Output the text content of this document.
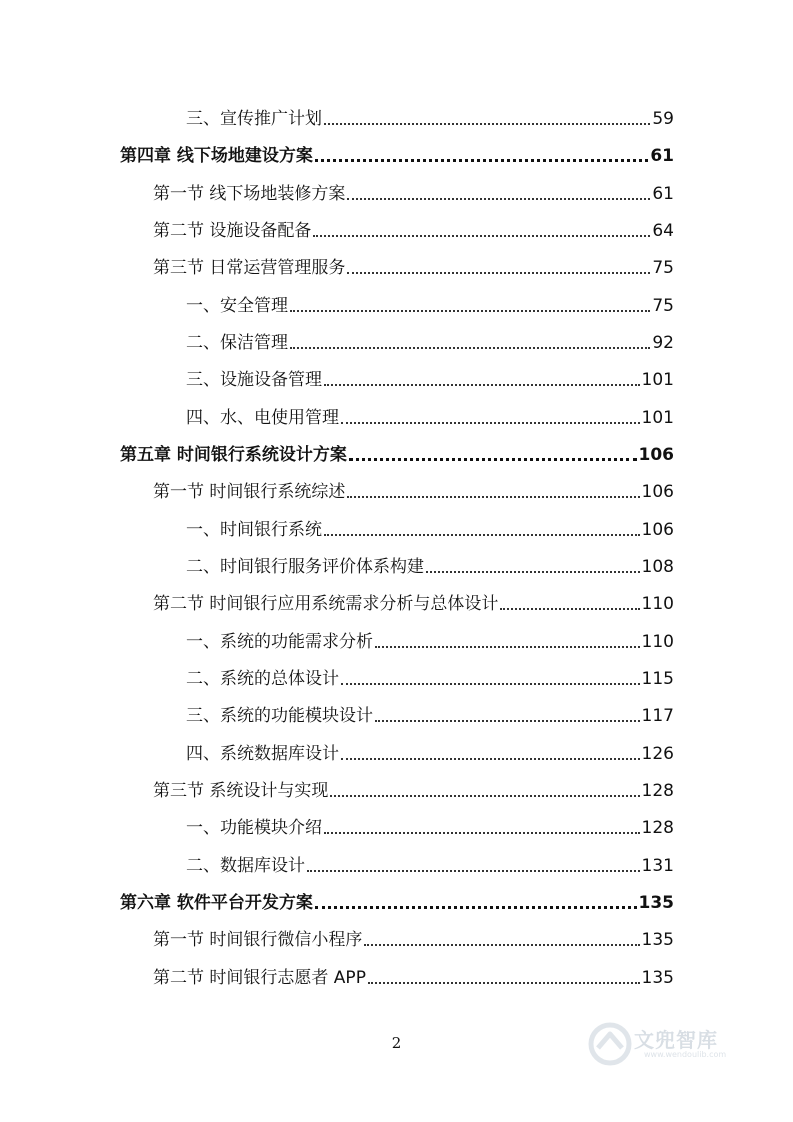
三、宣传推广计划	59
第四章 线下场地建设方案	61
第一节 线下场地装修方案	61
第二节 设施设备配备	64
第三节 日常运营管理服务	75
一、安全管理	75
二、保洁管理	92
三、设施设备管理	101
四、水、电使用管理	101
第五章 时间银行系统设计方案	106
第一节 时间银行系统综述	106
一、时间银行系统	106
二、时间银行服务评价体系构建	108
第二节 时间银行应用系统需求分析与总体设计	110
一、系统的功能需求分析	110
二、系统的总体设计	115
三、系统的功能模块设计	117
四、系统数据库设计	126
第三节 系统设计与实现	128
一、功能模块介绍	128
二、数据库设计	131
第六章 软件平台开发方案	135
第一节 时间银行微信小程序	135
第二节 时间银行志愿者 APP	135
2	文兜智库
www.wendoulib.com
